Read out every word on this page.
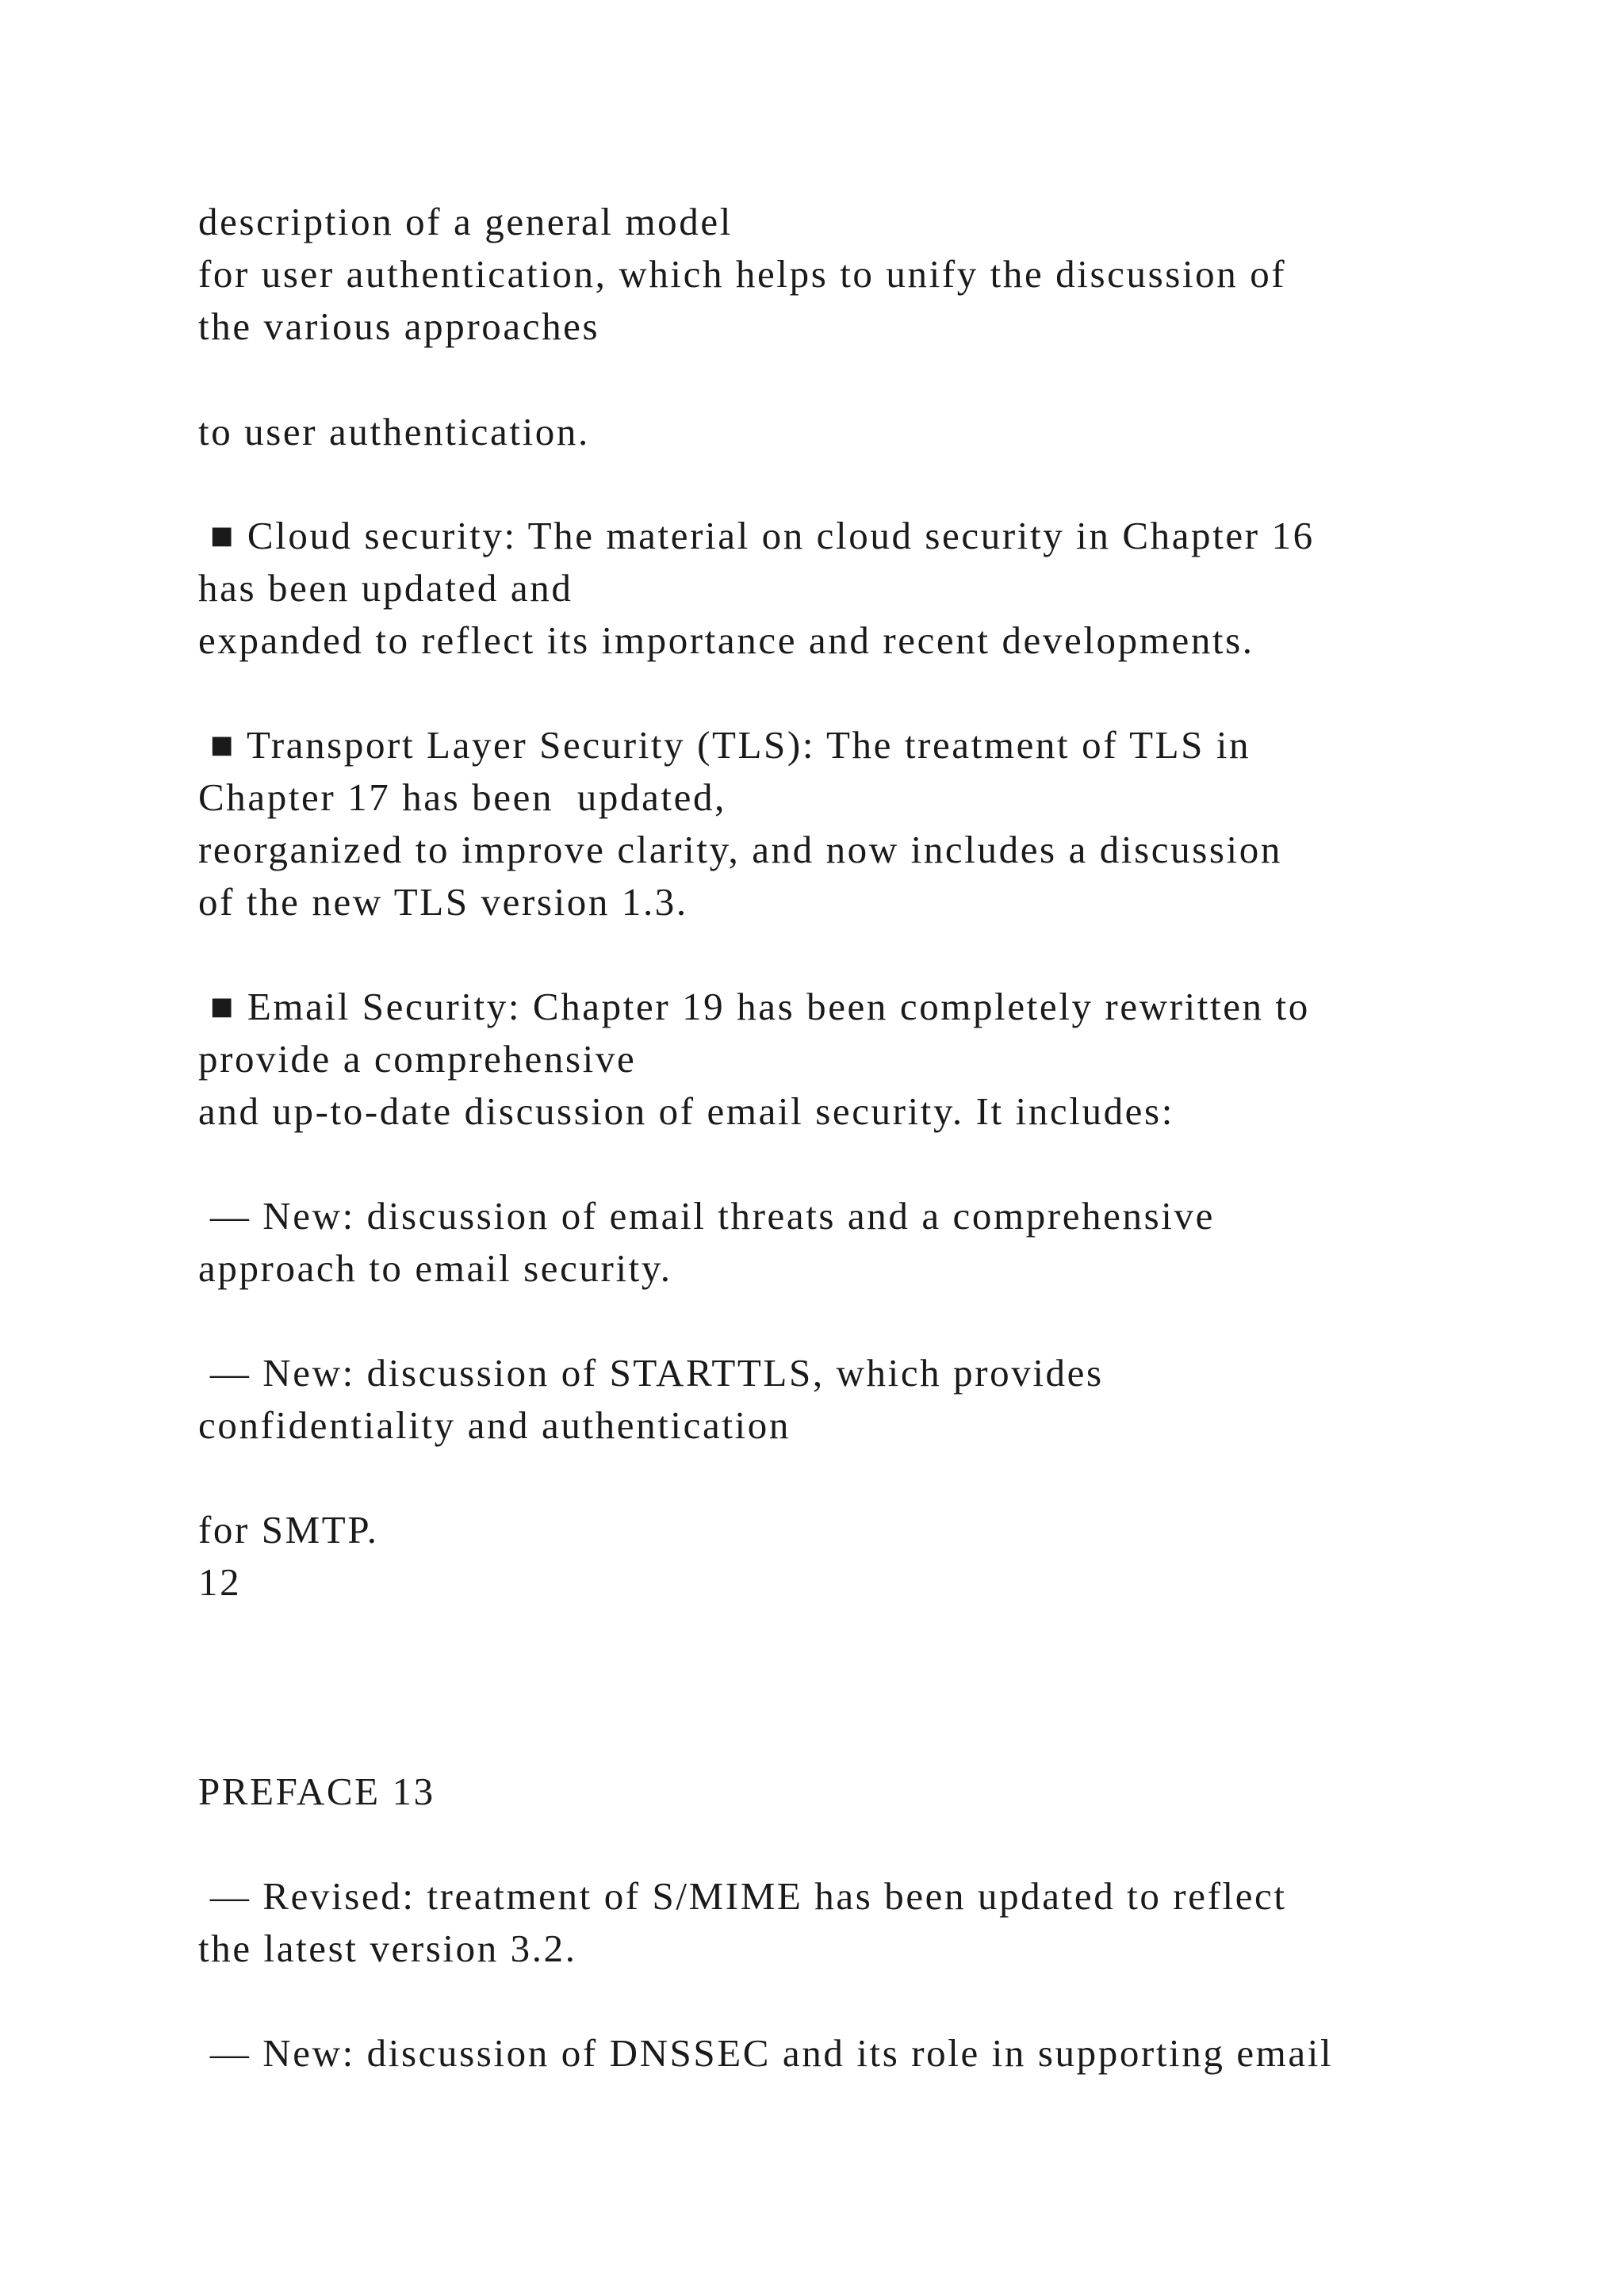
description of a general model
for user authentication, which helps to unify the discussion of
the various approaches
to user authentication.
■ Cloud security: The material on cloud security in Chapter 16
has been updated and
expanded to reflect its importance and recent developments.
■ Transport Layer Security (TLS): The treatment of TLS in
Chapter 17 has been  updated,
reorganized to improve clarity, and now includes a discussion
of the new TLS version 1.3.
■ Email Security: Chapter 19 has been completely rewritten to
provide a comprehensive
and up-to-date discussion of email security. It includes:
— New: discussion of email threats and a comprehensive
approach to email security.
— New: discussion of STARTTLS, which provides
confidentiality and authentication
for SMTP.
12
PREFACE 13
— Revised: treatment of S/MIME has been updated to reflect
the latest version 3.2.
— New: discussion of DNSSEC and its role in supporting email
